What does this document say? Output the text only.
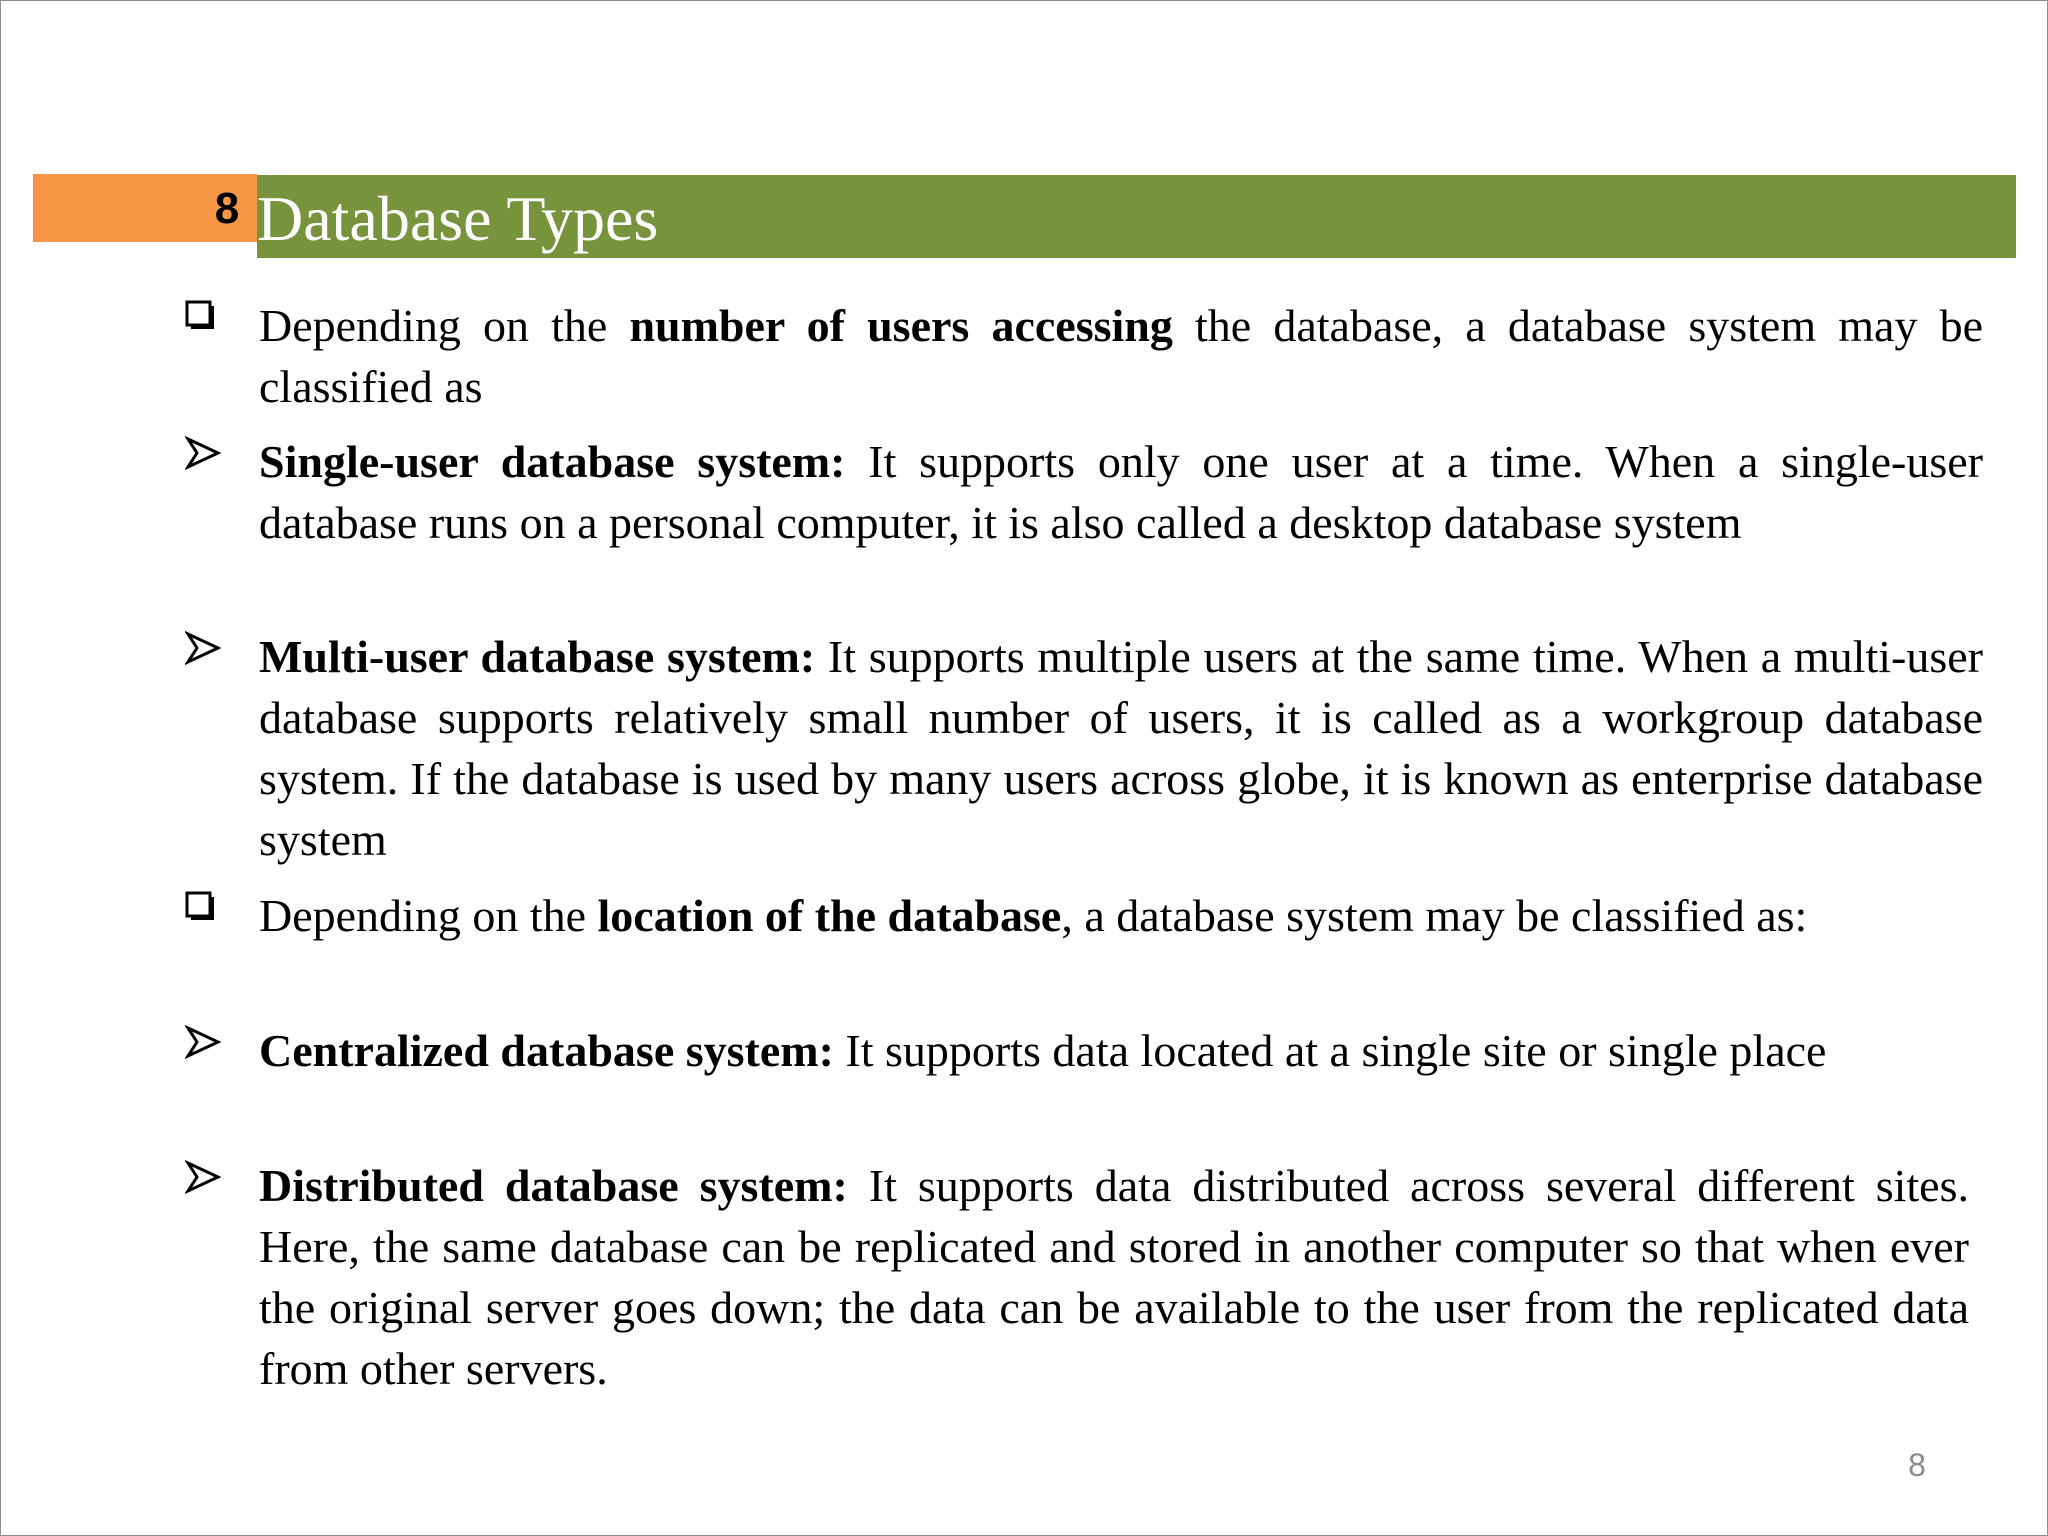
8 Database Types
Depending on the number of users accessing the database, a database system may be classified as
Single-user database system: It supports only one user at a time. When a single-user database runs on a personal computer, it is also called a desktop database system
Multi-user database system: It supports multiple users at the same time. When a multi-user database supports relatively small number of users, it is called as a workgroup database system. If the database is used by many users across globe, it is known as enterprise database system
Depending on the location of the database, a database system may be classified as:
Centralized database system: It supports data located at a single site or single place
Distributed database system: It supports data distributed across several different sites. Here, the same database can be replicated and stored in another computer so that when ever the original server goes down; the data can be available to the user from the replicated data from other servers.
8
